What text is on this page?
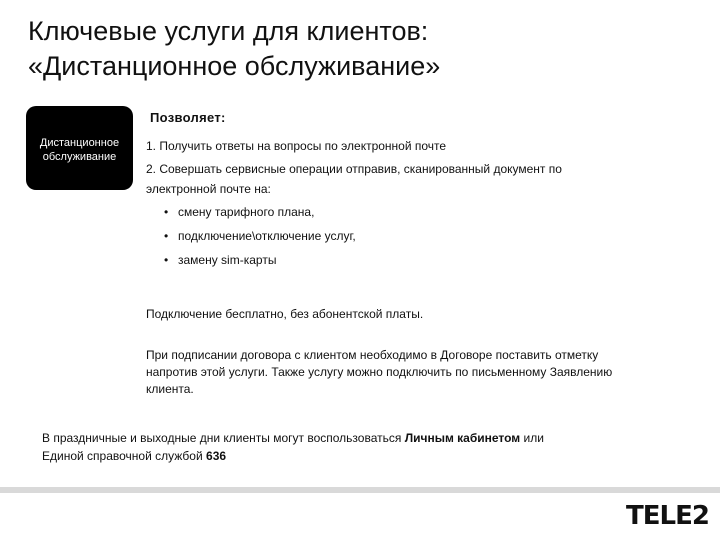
Ключевые услуги для клиентов:
«Дистанционное обслуживание»
Дистанционное
обслуживание
Позволяет:
1. Получить ответы на вопросы по электронной почте
2. Совершать сервисные операции отправив, сканированный документ по
электронной почте на:
• смену тарифного плана,
• подключение\отключение услуг,
• замену sim-карты
Подключение бесплатно, без абонентской платы.
При подписании договора с клиентом необходимо в Договоре поставить отметку
напротив этой услуги. Также услугу можно подключить по письменному Заявлению
клиента.
В праздничные и выходные дни клиенты могут воспользоваться Личным кабинетом или
Единой справочной службой 636
TELE2
